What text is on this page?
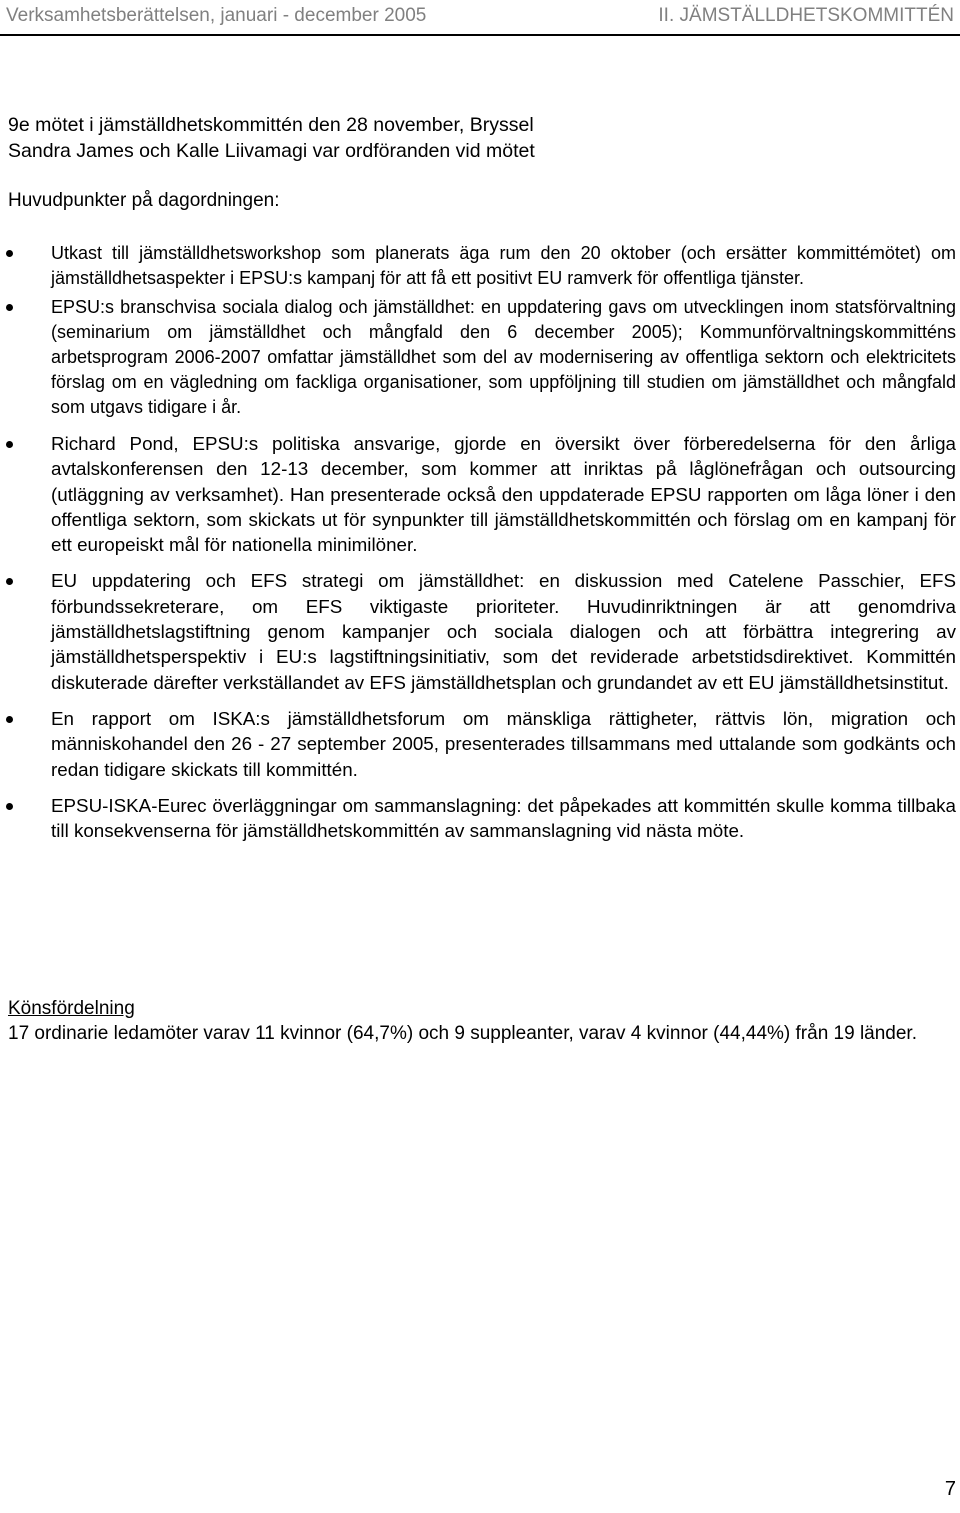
Verksamhetsberättelsen, januari - december 2005	II. JÄMSTÄLLDHETSKOMMITTÉN
9e mötet i jämställdhetskommittén den 28 november, Bryssel
Sandra James och Kalle Liivamagi var ordföranden vid mötet
Huvudpunkter på dagordningen:
Utkast till jämställdhetsworkshop som planerats äga rum den 20 oktober (och ersätter kommittémötet) om jämställdhetsaspekter i EPSU:s kampanj för att få ett positivt EU ramverk för offentliga tjänster.
EPSU:s branschvisa sociala dialog och jämställdhet: en uppdatering gavs om utvecklingen inom statsförvaltning (seminarium om jämställdhet och mångfald den 6 december 2005); Kommunförvaltningskommitténs arbetsprogram 2006-2007 omfattar jämställdhet som del av modernisering av offentliga sektorn och elektricitets förslag om en vägledning om fackliga organisationer, som uppföljning till studien om jämställdhet och mångfald som utgavs tidigare i år.
Richard Pond, EPSU:s politiska ansvarige, gjorde en översikt över förberedelserna för den årliga avtalskonferensen den 12-13 december, som kommer att inriktas på låglönefrågan och outsourcing (utläggning av verksamhet). Han presenterade också den uppdaterade EPSU rapporten om låga löner i den offentliga sektorn, som skickats ut för synpunkter till jämställdhetskommittén och förslag om en kampanj för ett europeiskt mål för nationella minimilöner.
EU uppdatering och EFS strategi om jämställdhet: en diskussion med Catelene Passchier, EFS förbundssekreterare, om EFS viktigaste prioriteter. Huvudinriktningen är att genomdriva jämställdhetslagstiftning genom kampanjer och sociala dialogen och att förbättra integrering av jämställdhetsperspektiv i EU:s lagstiftningsinitiativ, som det reviderade arbetstidsdirektivet. Kommittén diskuterade därefter verkställandet av EFS jämställdhetsplan och grundandet av ett EU jämställdhetsinstitut.
En rapport om ISKA:s jämställdhetsforum om mänskliga rättigheter, rättvis lön, migration och människohandel den 26 - 27 september 2005, presenterades tillsammans med uttalande som godkänts och redan tidigare skickats till kommittén.
EPSU-ISKA-Eurec överläggningar om sammanslagning: det påpekades att kommittén skulle komma tillbaka till konsekvenserna för jämställdhetskommittén av sammanslagning vid nästa möte.
Könsfördelning
17 ordinarie ledamöter varav 11 kvinnor (64,7%) och 9 suppleanter, varav 4 kvinnor (44,44%) från 19 länder.
7
